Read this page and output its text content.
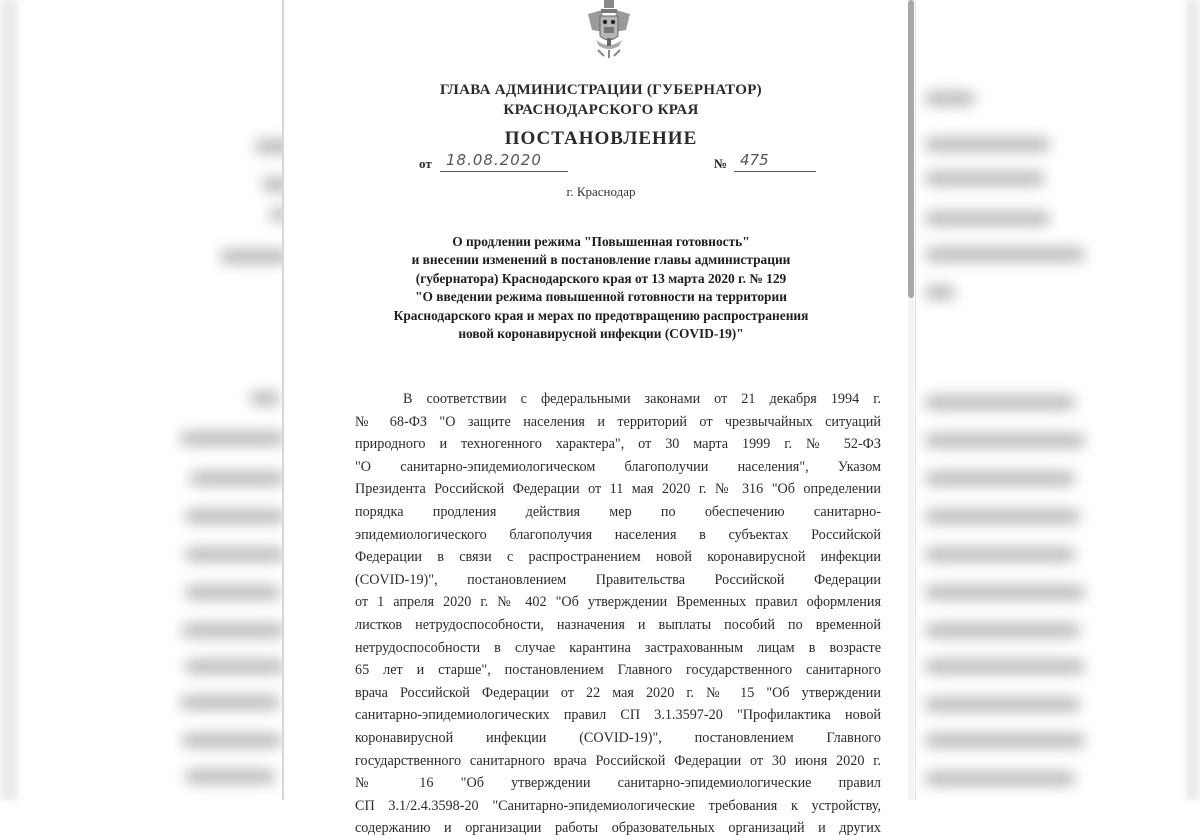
ГЛАВА АДМИНИСТРАЦИИ (ГУБЕРНАТОР)
КРАСНОДАРСКОГО КРАЯ
ПОСТАНОВЛЕНИЕ
от 18.08.2020	№ 475
г. Краснодар
О продлении режима "Повышенная готовность"
и внесении изменений в постановление главы администрации
(губернатора) Краснодарского края от 13 марта 2020 г. № 129
"О введении режима повышенной готовности на территории
Краснодарского края и мерах по предотвращению распространения
новой коронавирусной инфекции (COVID-19)"
В соответствии с федеральными законами от 21 декабря 1994 г.
№ 68-ФЗ "О защите населения и территорий от чрезвычайных ситуаций
природного и техногенного характера", от 30 марта 1999 г. № 52-ФЗ
"О санитарно-эпидемиологическом благополучии населения", Указом
Президента Российской Федерации от 11 мая 2020 г. № 316 "Об определении
порядка продления действия мер по обеспечению санитарно-
эпидемиологического благополучия населения в субъектах Российской
Федерации в связи с распространением новой коронавирусной инфекции
(COVID-19)", постановлением Правительства Российской Федерации
от 1 апреля 2020 г. № 402 "Об утверждении Временных правил оформления
листков нетрудоспособности, назначения и выплаты пособий по временной
нетрудоспособности в случае карантина застрахованным лицам в возрасте
65 лет и старше", постановлением Главного государственного санитарного
врача Российской Федерации от 22 мая 2020 г. № 15 "Об утверждении
санитарно-эпидемиологических правил СП 3.1.3597-20 "Профилактика новой
коронавирусной инфекции (COVID-19)", постановлением Главного
государственного санитарного врача Российской Федерации от 30 июня 2020 г.
№ 16 "Об утверждении санитарно-эпидемиологические правил
СП 3.1/2.4.3598-20 "Санитарно-эпидемиологические требования к устройству,
содержанию и организации работы образовательных организаций и других
